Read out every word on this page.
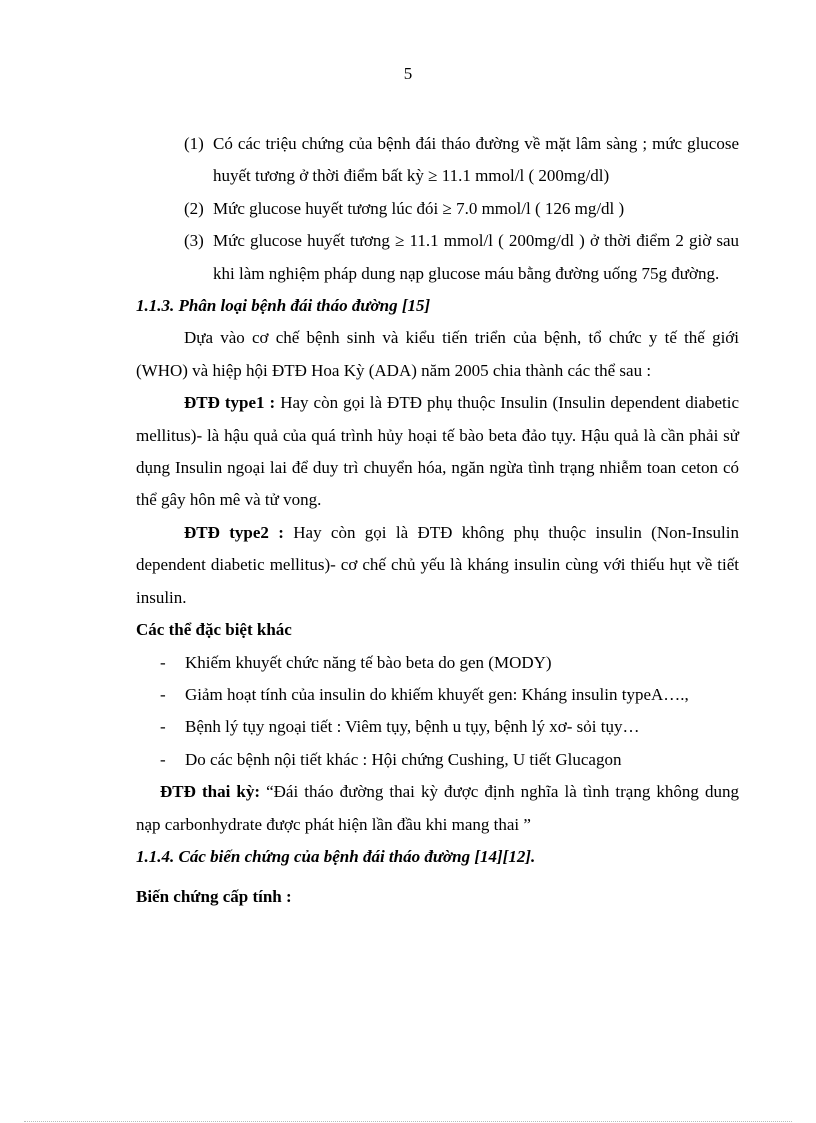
5
(1) Có các triệu chứng của bệnh đái tháo đường về mặt lâm sàng ; mức glucose huyết tương ở thời điểm bất kỳ ≥ 11.1 mmol/l ( 200mg/dl)
(2) Mức glucose huyết tương lúc đói ≥ 7.0 mmol/l ( 126 mg/dl )
(3) Mức glucose huyết tương ≥ 11.1 mmol/l ( 200mg/dl ) ở thời điểm 2 giờ sau khi làm nghiệm pháp dung nạp glucose máu bằng đường uống 75g đường.

1.1.3. Phân loại bệnh đái tháo đường [15]

Dựa vào cơ chế bệnh sinh và kiểu tiến triển của bệnh, tổ chức y tế thế giới (WHO) và hiệp hội ĐTĐ Hoa Kỳ (ADA) năm 2005 chia thành các thể sau :

ĐTĐ type1 : Hay còn gọi là ĐTĐ phụ thuộc Insulin (Insulin dependent diabetic mellitus)- là hậu quả của quá trình hủy hoại tế bào beta đảo tụy. Hậu quả là cần phải sử dụng Insulin ngoại lai để duy trì chuyển hóa, ngăn ngừa tình trạng nhiễm toan ceton có thể gây hôn mê và tử vong.

ĐTĐ type2 : Hay còn gọi là ĐTĐ không phụ thuộc insulin (Non-Insulin dependent diabetic mellitus)- cơ chế chủ yếu là kháng insulin cùng với thiếu hụt về tiết insulin.

Các thể đặc biệt khác

-	Khiếm khuyết chức năng tế bào beta do gen (MODY)
-	Giảm hoạt tính của insulin do khiếm khuyết gen: Kháng insulin typeA….,
-	Bệnh lý tụy ngoại tiết : Viêm tụy, bệnh u tụy, bệnh lý xơ- sỏi tụy…
-	Do các bệnh nội tiết khác : Hội chứng Cushing, U tiết Glucagon

ĐTĐ thai kỳ: “Đái tháo đường thai kỳ được định nghĩa là tình trạng không dung nạp carbonhydrate được phát hiện lần đầu khi mang thai ”

1.1.4. Các biến chứng của bệnh đái tháo đường [14][12].

Biến chứng cấp tính :
